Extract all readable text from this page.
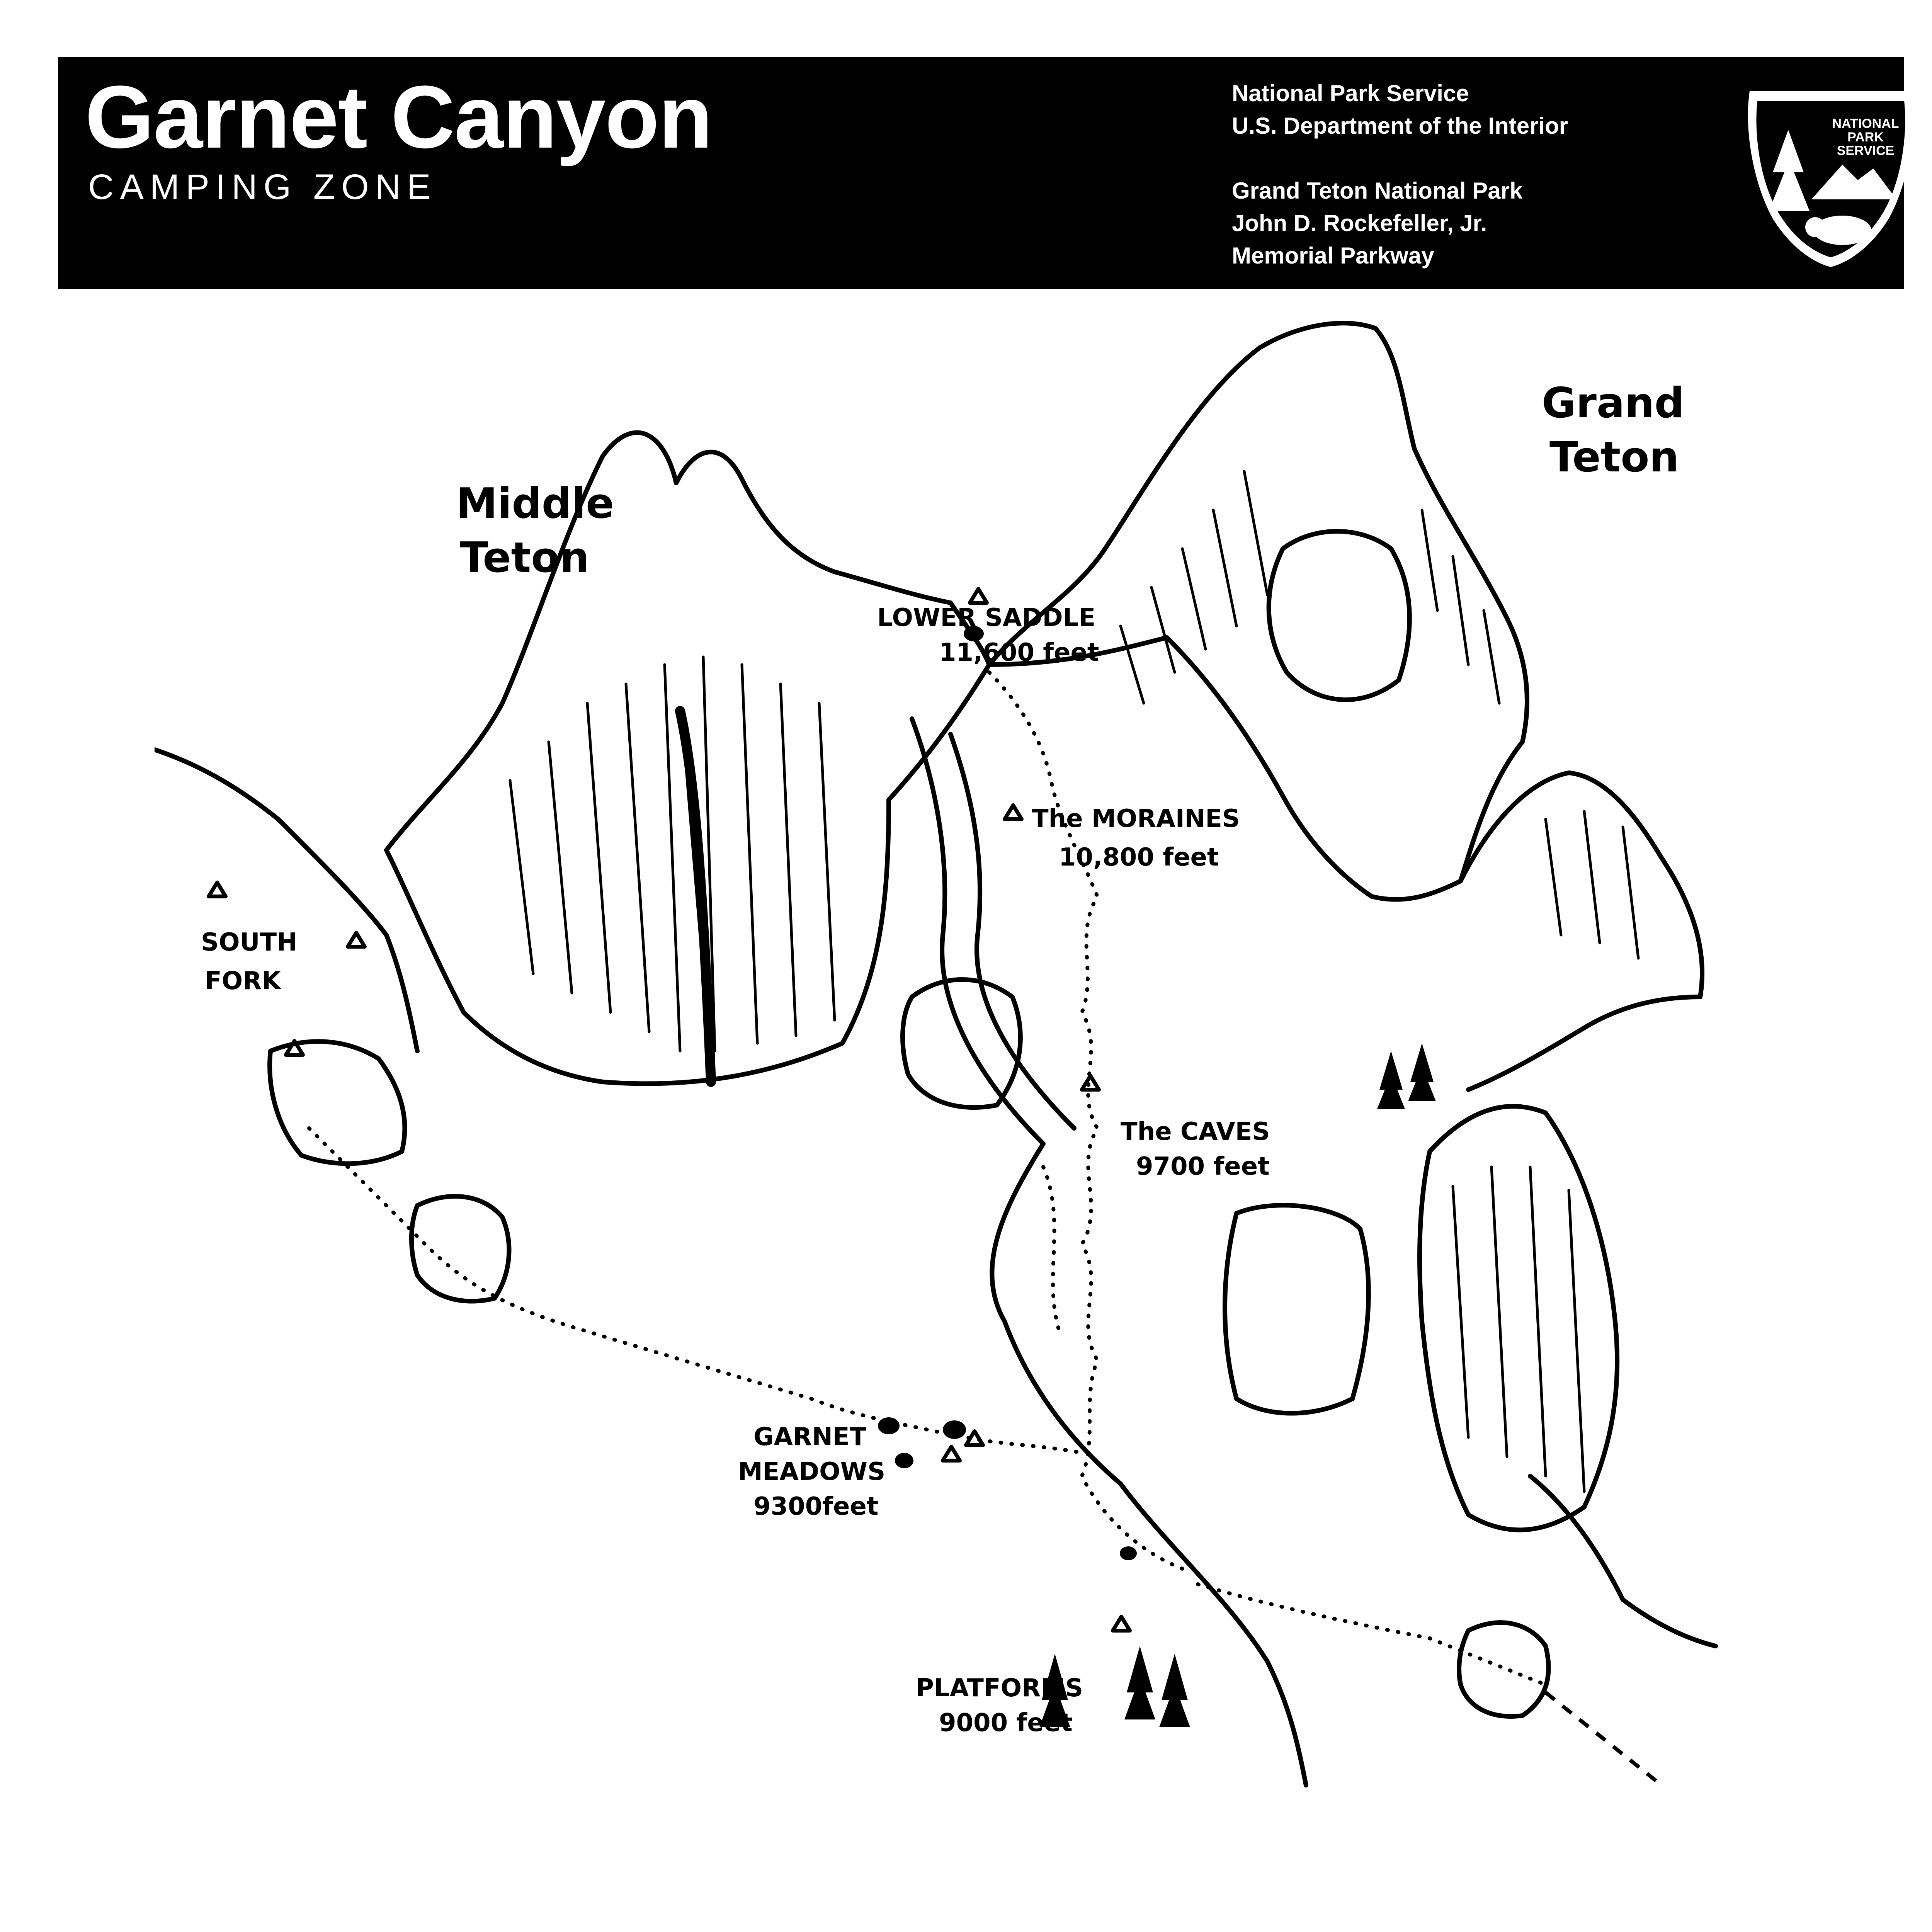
Garnet Canyon
CAMPING ZONE
National Park Service
U.S. Department of the Interior
Grand Teton National Park
John D. Rockefeller, Jr.
Memorial Parkway
NATIONAL
PARK
SERVICE
Middle
Teton
Grand
Teton
LOWER SADDLE
11,600 feet
The MORAINES
10,800 feet
SOUTH
FORK
The CAVES
9700 feet
GARNET
MEADOWS
9300feet
PLATFORMS
9000 feet
